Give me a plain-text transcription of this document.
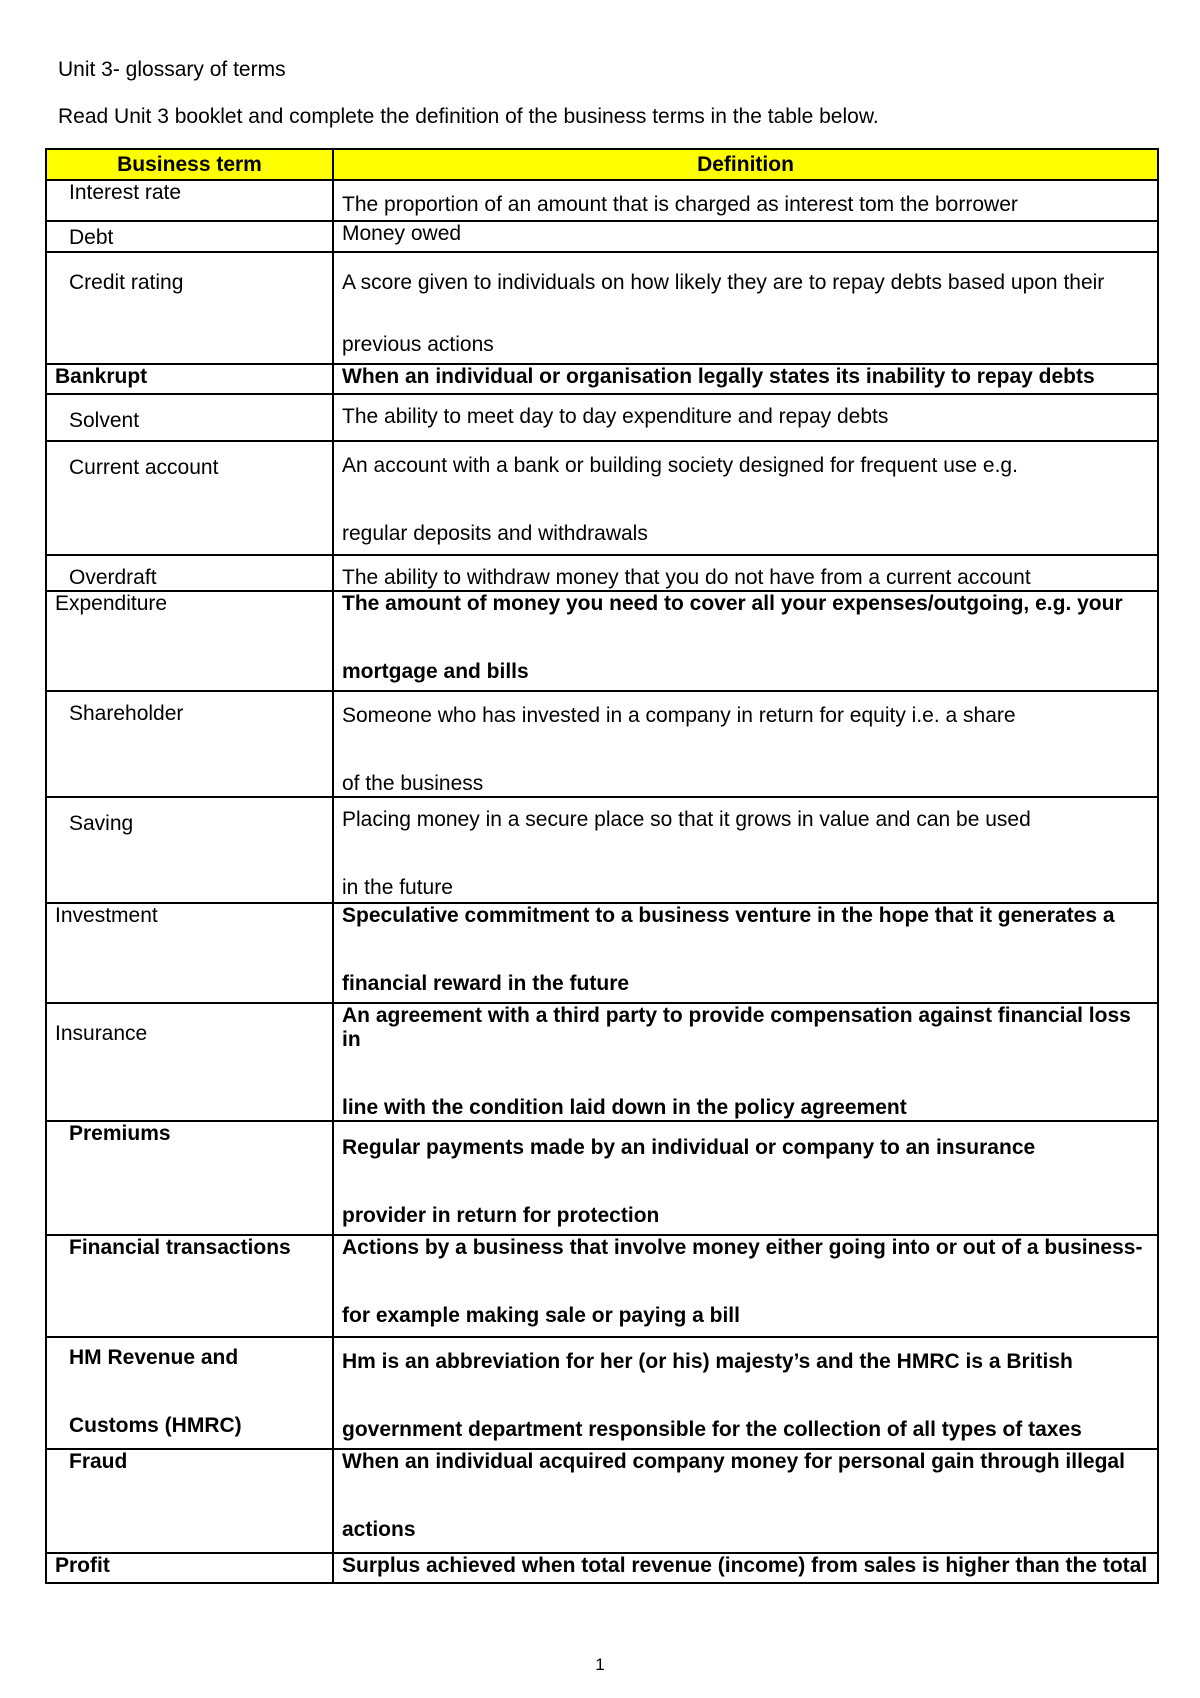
Unit 3- glossary of terms
Read Unit 3 booklet and complete the definition of the business terms in the table below.
Business term	Definition
Interest rate	The proportion of an amount that is charged as interest tom the borrower
Debt	Money owed
Credit rating	A score given to individuals on how likely they are to repay debts based upon their
previous actions

Bankrupt	When an individual or organisation legally states its inability to repay debts
Solvent	The ability to meet day to day expenditure and repay debts
Current account	An account with a bank or building society designed for frequent use e.g.
regular deposits and withdrawals

Overdraft	The ability to withdraw money that you do not have from a current account
Expenditure	The amount of money you need to cover all your expenses/outgoing, e.g. your
mortgage and bills

Shareholder	Someone who has invested in a company in return for equity i.e. a share
of the business

Saving	Placing money in a secure place so that it grows in value and can be used
in the future

Investment	Speculative commitment to a business venture in the hope that it generates a
financial reward in the future

Insurance	An agreement with a third party to provide compensation against financial loss in
line with the condition laid down in the policy agreement

Premiums	Regular payments made by an individual or company to an insurance
provider in return for protection

Financial transactions	Actions by a business that involve money either going into or out of a business-
for example making sale or paying a bill

HM Revenue and
Customs (HMRC)	Hm is an abbreviation for her (or his) majesty’s and the HMRC is a British
government department responsible for the collection of all types of taxes

Fraud	When an individual acquired company money for personal gain through illegal
actions

Profit	Surplus achieved when total revenue (income) from sales is higher than the total
1
